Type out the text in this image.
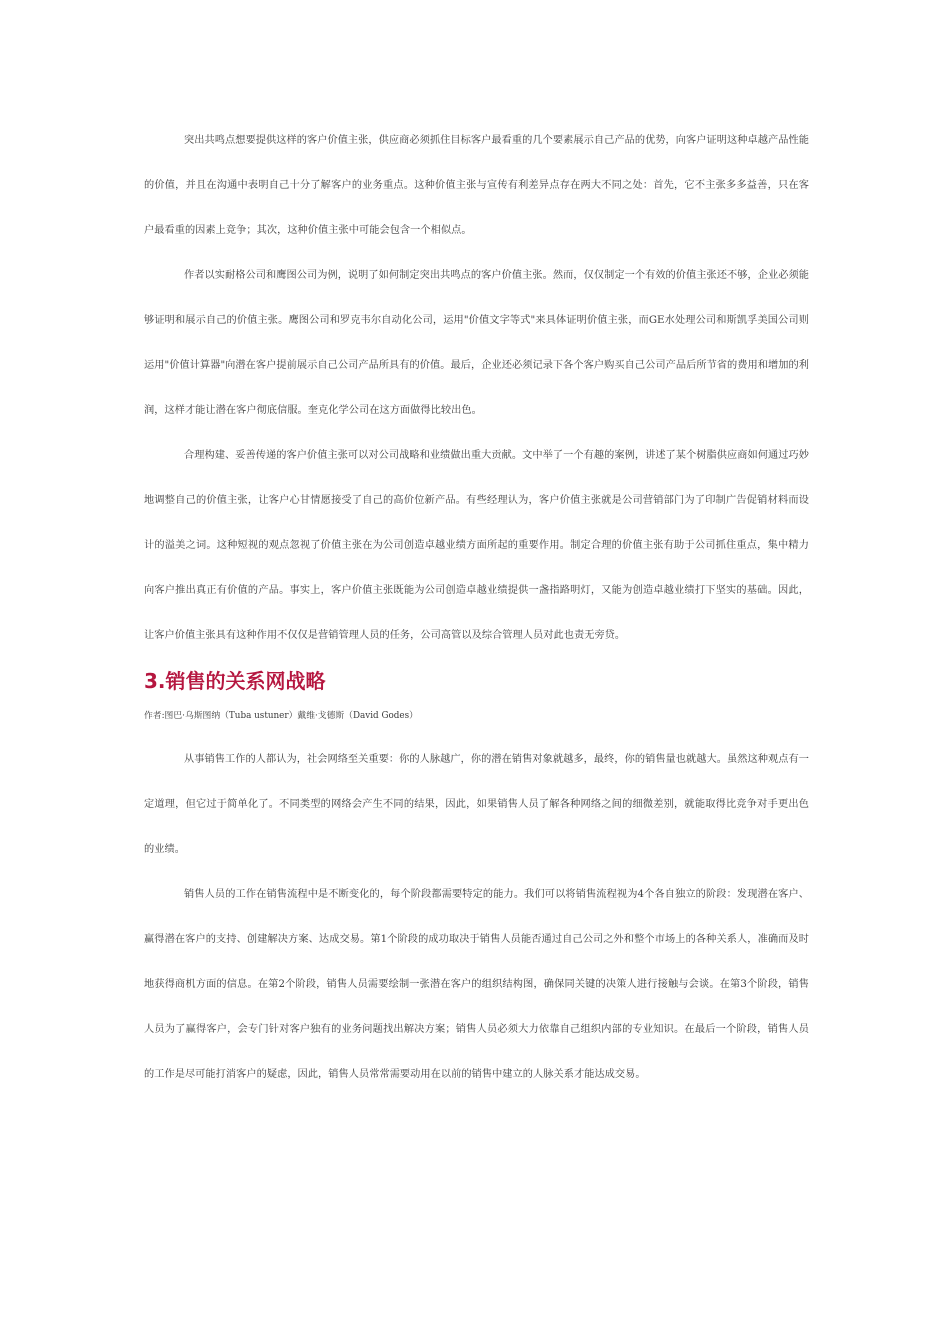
突出共鸣点想要提供这样的客户价值主张，供应商必须抓住目标客户最看重的几个要素展示自己产品的优势，向客户证明这种卓越产品性能的价值，并且在沟通中表明自己十分了解客户的业务重点。这种价值主张与宣传有利差异点存在两大不同之处：首先，它不主张多多益善，只在客户最看重的因素上竞争；其次，这种价值主张中可能会包含一个相似点。

作者以实耐格公司和鹰图公司为例，说明了如何制定突出共鸣点的客户价值主张。然而，仅仅制定一个有效的价值主张还不够，企业必须能够证明和展示自己的价值主张。鹰图公司和罗克韦尔自动化公司，运用"价值文字等式"来具体证明价值主张，而GE水处理公司和斯凯孚美国公司则运用"价值计算器"向潜在客户提前展示自己公司产品所具有的价值。最后，企业还必须记录下各个客户购买自己公司产品后所节省的费用和增加的利润，这样才能让潜在客户彻底信服。奎克化学公司在这方面做得比较出色。

合理构建、妥善传递的客户价值主张可以对公司战略和业绩做出重大贡献。文中举了一个有趣的案例，讲述了某个树脂供应商如何通过巧妙地调整自己的价值主张，让客户心甘情愿接受了自己的高价位新产品。有些经理认为，客户价值主张就是公司营销部门为了印制广告促销材料而设计的溢美之词。这种短视的观点忽视了价值主张在为公司创造卓越业绩方面所起的重要作用。制定合理的价值主张有助于公司抓住重点，集中精力向客户推出真正有价值的产品。事实上，客户价值主张既能为公司创造卓越业绩提供一盏指路明灯，又能为创造卓越业绩打下坚实的基础。因此，让客户价值主张具有这种作用不仅仅是营销管理人员的任务，公司高管以及综合管理人员对此也责无旁贷。

3.销售的关系网战略

作者:图巴·乌斯图纳（Tuba ustuner）戴维·戈德斯（David Godes）

从事销售工作的人都认为，社会网络至关重要：你的人脉越广，你的潜在销售对象就越多，最终，你的销售量也就越大。虽然这种观点有一定道理，但它过于简单化了。不同类型的网络会产生不同的结果，因此，如果销售人员了解各种网络之间的细微差别，就能取得比竞争对手更出色的业绩。

销售人员的工作在销售流程中是不断变化的，每个阶段都需要特定的能力。我们可以将销售流程视为4个各自独立的阶段：发现潜在客户、赢得潜在客户的支持、创建解决方案、达成交易。第1个阶段的成功取决于销售人员能否通过自己公司之外和整个市场上的各种关系人，准确而及时地获得商机方面的信息。在第2个阶段，销售人员需要绘制一张潜在客户的组织结构图，确保同关键的决策人进行接触与会谈。在第3个阶段，销售人员为了赢得客户，会专门针对客户独有的业务问题找出解决方案；销售人员必须大力依靠自己组织内部的专业知识。在最后一个阶段，销售人员的工作是尽可能打消客户的疑虑，因此，销售人员常常需要动用在以前的销售中建立的人脉关系才能达成交易。
